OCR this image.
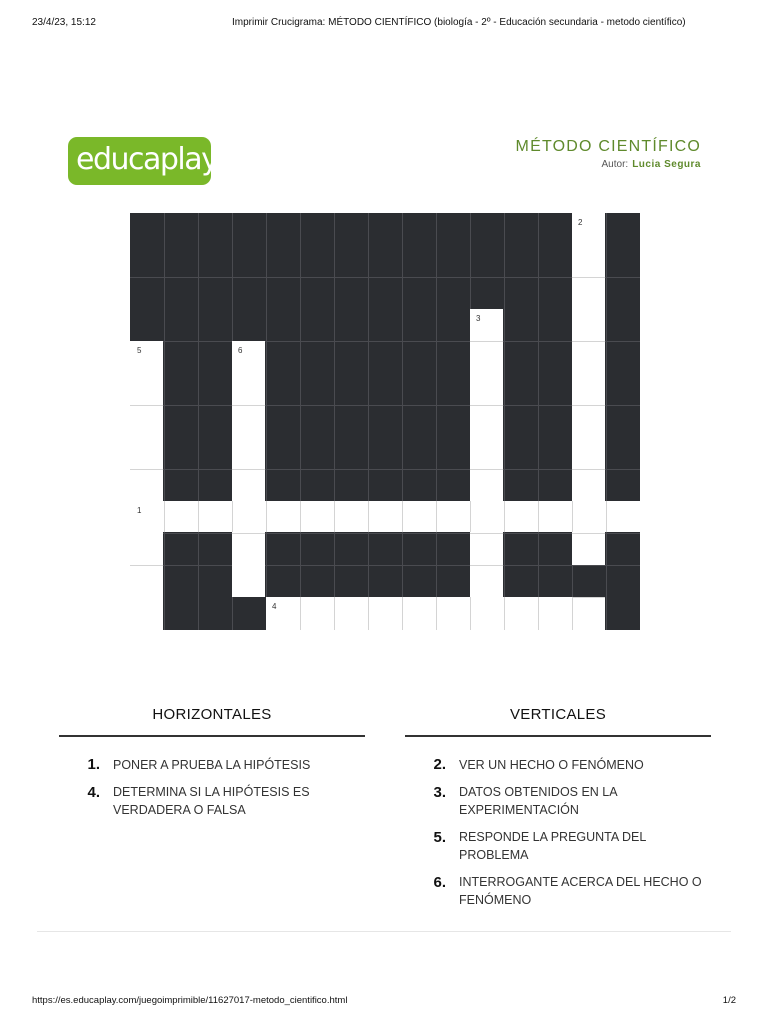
23/4/23, 15:12	Imprimir Crucigrama: MÉTODO CIENTÍFICO (biología - 2º - Educación secundaria - metodo científico)
educaplay	MÉTODO CIENTÍFICO
Autor: Lucia Segura
2
3
5	6
1
4
HORIZONTALES
1. PONER A PRUEBA LA HIPÓTESIS
4. DETERMINA SI LA HIPÓTESIS ES VERDADERA O FALSA
VERTICALES
2. VER UN HECHO O FENÓMENO
3. DATOS OBTENIDOS EN LA EXPERIMENTACIÓN
5. RESPONDE LA PREGUNTA DEL PROBLEMA
6. INTERROGANTE ACERCA DEL HECHO O FENÓMENO
https://es.educaplay.com/juegoimprimible/11627017-metodo_cientifico.html	1/2
